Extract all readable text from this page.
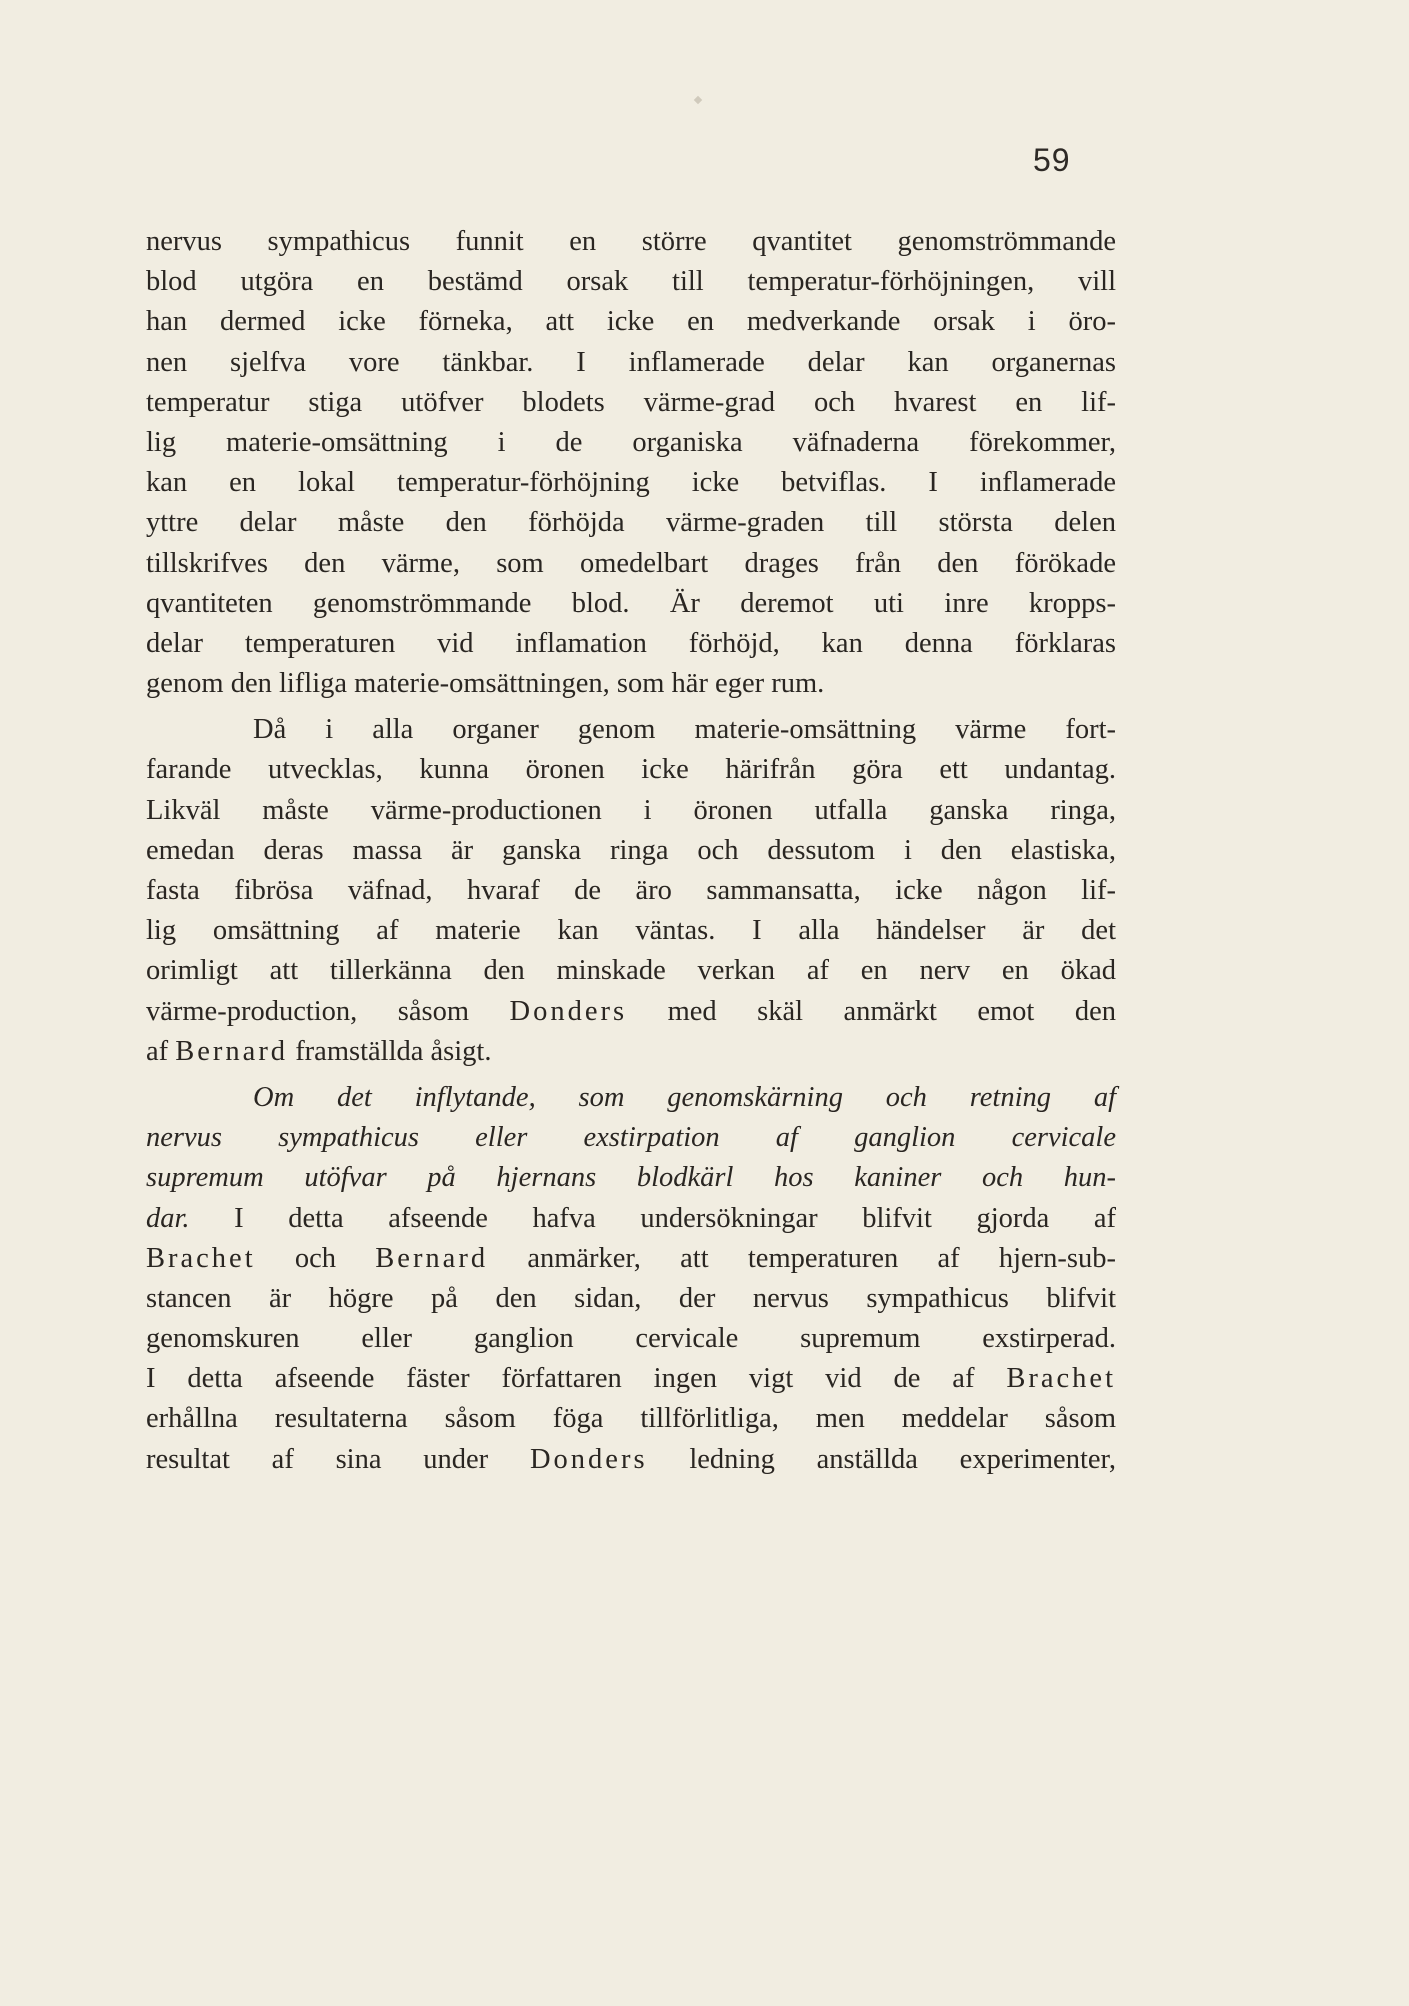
59
nervus sympathicus funnit en större qvantitet genomströmmande
blod utgöra en bestämd orsak till temperatur-förhöjningen, vill
han dermed icke förneka, att icke en medverkande orsak i öro-
nen sjelfva vore tänkbar. I inflamerade delar kan organernas
temperatur stiga utöfver blodets värme-grad och hvarest en lif-
lig materie-omsättning i de organiska väfnaderna förekommer,
kan en lokal temperatur-förhöjning icke betviflas. I inflamerade
yttre delar måste den förhöjda värme-graden till största delen
tillskrifves den värme, som omedelbart drages från den förökade
qvantiteten genomströmmande blod. Är deremot uti inre kropps-
delar temperaturen vid inflamation förhöjd, kan denna förklaras
genom den lifliga materie-omsättningen, som här eger rum.
Då i alla organer genom materie-omsättning värme fort-
farande utvecklas, kunna öronen icke härifrån göra ett undantag.
Likväl måste värme-productionen i öronen utfalla ganska ringa,
emedan deras massa är ganska ringa och dessutom i den elastiska,
fasta fibrösa väfnad, hvaraf de äro sammansatta, icke någon lif-
lig omsättning af materie kan väntas. I alla händelser är det
orimligt att tillerkänna den minskade verkan af en nerv en ökad
värme-production, såsom Donders med skäl anmärkt emot den
af Bernard framställda åsigt.
Om det inflytande, som genomskärning och retning af
nervus sympathicus eller exstirpation af ganglion cervicale
supremum utöfvar på hjernans blodkärl hos kaniner och hun-
dar. I detta afseende hafva undersökningar blifvit gjorda af
Brachet och Bernard anmärker, att temperaturen af hjern-sub-
stancen är högre på den sidan, der nervus sympathicus blifvit
genomskuren eller ganglion cervicale supremum exstirperad.
I detta afseende fäster författaren ingen vigt vid de af Brachet
erhållna resultaterna såsom föga tillförlitliga, men meddelar såsom
resultat af sina under Donders ledning anställda experimenter,
